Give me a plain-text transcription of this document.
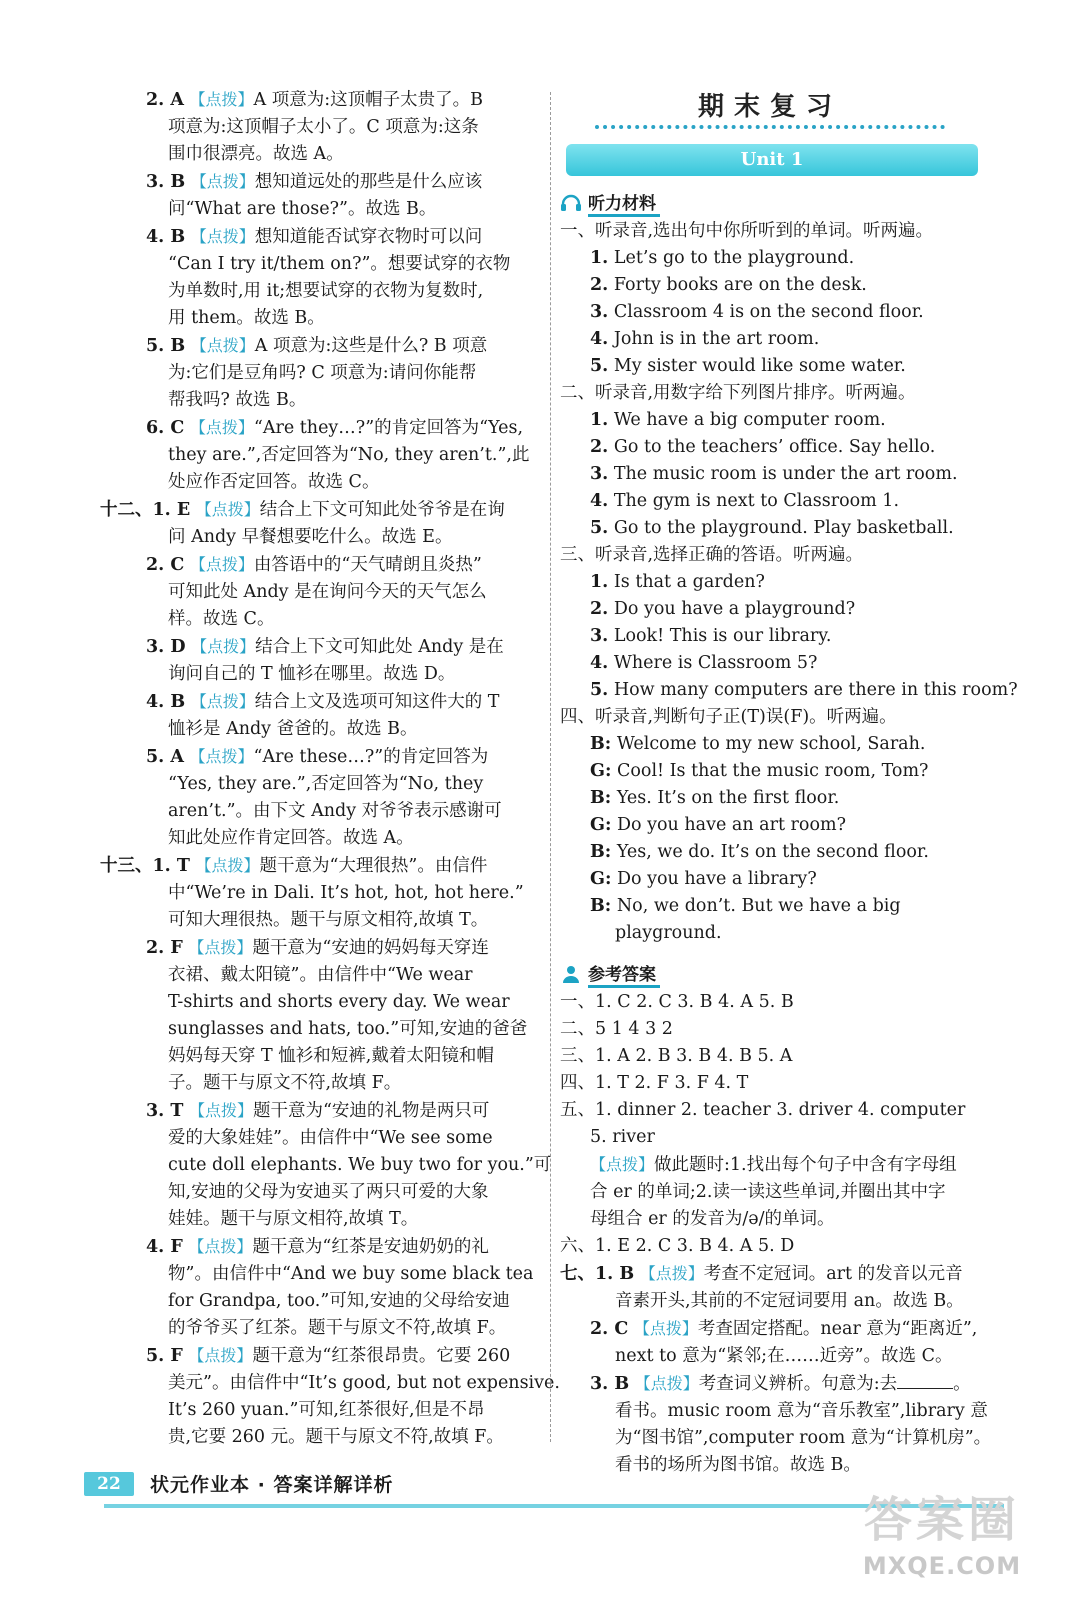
2. A 【点拨】A 项意为:这顶帽子太贵了。B
项意为:这顶帽子太小了。C 项意为:这条
围巾很漂亮。故选 A。
3. B 【点拨】想知道远处的那些是什么应该
问“What are those?”。故选 B。
4. B 【点拨】想知道能否试穿衣物时可以问
“Can I try it/them on?”。想要试穿的衣物
为单数时,用 it;想要试穿的衣物为复数时,
用 them。故选 B。
5. B 【点拨】A 项意为:这些是什么? B 项意
为:它们是豆角吗? C 项意为:请问你能帮
帮我吗? 故选 B。
6. C 【点拨】“Are they…?”的肯定回答为“Yes,
they are.”,否定回答为“No, they aren’t.”,此
处应作否定回答。故选 C。
十二、1. E 【点拨】结合上下文可知此处爷爷是在询
问 Andy 早餐想要吃什么。故选 E。
2. C 【点拨】由答语中的“天气晴朗且炎热”
可知此处 Andy 是在询问今天的天气怎么
样。故选 C。
3. D 【点拨】结合上下文可知此处 Andy 是在
询问自己的 T 恤衫在哪里。故选 D。
4. B 【点拨】结合上文及选项可知这件大的 T
恤衫是 Andy 爸爸的。故选 B。
5. A 【点拨】“Are these…?”的肯定回答为
“Yes, they are.”,否定回答为“No, they
aren’t.”。由下文 Andy 对爷爷表示感谢可
知此处应作肯定回答。故选 A。
十三、1. T 【点拨】题干意为“大理很热”。由信件
中“We’re in Dali. It’s hot, hot, hot here.”
可知大理很热。题干与原文相符,故填 T。
2. F 【点拨】题干意为“安迪的妈妈每天穿连
衣裙、戴太阳镜”。由信件中“We wear
T-shirts and shorts every day. We wear
sunglasses and hats, too.”可知,安迪的爸爸
妈妈每天穿 T 恤衫和短裤,戴着太阳镜和帽
子。题干与原文不符,故填 F。
3. T 【点拨】题干意为“安迪的礼物是两只可
爱的大象娃娃”。由信件中“We see some
cute doll elephants. We buy two for you.”可
知,安迪的父母为安迪买了两只可爱的大象
娃娃。题干与原文相符,故填 T。
4. F 【点拨】题干意为“红茶是安迪奶奶的礼
物”。由信件中“And we buy some black tea
for Grandpa, too.”可知,安迪的父母给安迪
的爷爷买了红茶。题干与原文不符,故填 F。
5. F 【点拨】题干意为“红茶很昂贵。它要 260
美元”。由信件中“It’s good, but not expensive.
It’s 260 yuan.”可知,红茶很好,但是不昂
贵,它要 260 元。题干与原文不符,故填 F。
期末复习
Unit 1
听力材料
一、听录音,选出句中你所听到的单词。听两遍。
1. Let’s go to the playground.
2. Forty books are on the desk.
3. Classroom 4 is on the second floor.
4. John is in the art room.
5. My sister would like some water.
二、听录音,用数字给下列图片排序。听两遍。
1. We have a big computer room.
2. Go to the teachers’ office. Say hello.
3. The music room is under the art room.
4. The gym is next to Classroom 1.
5. Go to the playground. Play basketball.
三、听录音,选择正确的答语。听两遍。
1. Is that a garden?
2. Do you have a playground?
3. Look! This is our library.
4. Where is Classroom 5?
5. How many computers are there in this room?
四、听录音,判断句子正(T)误(F)。听两遍。
B: Welcome to my new school, Sarah.
G: Cool! Is that the music room, Tom?
B: Yes. It’s on the first floor.
G: Do you have an art room?
B: Yes, we do. It’s on the second floor.
G: Do you have a library?
B: No, we don’t. But we have a big
playground.
参考答案
一、1. C 2. C 3. B 4. A 5. B
二、5 1 4 3 2
三、1. A 2. B 3. B 4. B 5. A
四、1. T 2. F 3. F 4. T
五、1. dinner 2. teacher 3. driver 4. computer
5. river
【点拨】做此题时:1.找出每个句子中含有字母组
合 er 的单词;2.读一读这些单词,并圈出其中字
母组合 er 的发音为/ə/的单词。
六、1. E 2. C 3. B 4. A 5. D
七、1. B 【点拨】考查不定冠词。art 的发音以元音
音素开头,其前的不定冠词要用 an。故选 B。
2. C 【点拨】考查固定搭配。near 意为“距离近”,
next to 意为“紧邻;在……近旁”。故选 C。
3. B 【点拨】考查词义辨析。句意为:去	。
看书。music room 意为“音乐教室”,library 意
为“图书馆”,computer room 意为“计算机房”。
看书的场所为图书馆。故选 B。
22	状元作业本 · 答案详解详析
答案圈
MXQE.COM
